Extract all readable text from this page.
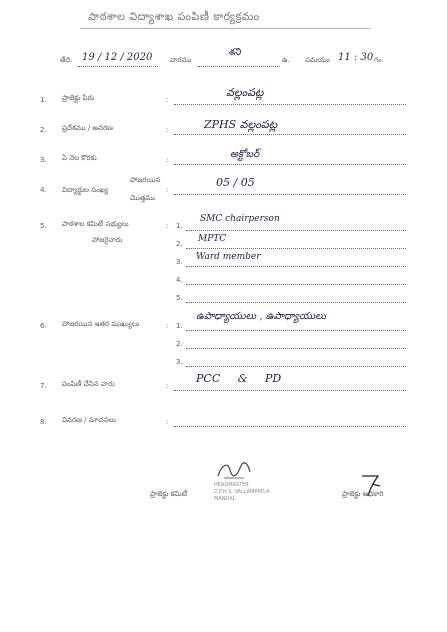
పాఠశాల విద్యాశాఖ పంపిణీ కార్యక్రమం
తేది. 19 / 12 / 2020	వారము
శని
ఉ. సమయం 11 : 30 గం
1. ప్రాజెక్టు పేరు	:
వల్లంపట్ల
2. ప్రదేశము / అవరణ	:	ZPHS వల్లంపట్ల
3. ఏ నెల కొరకు	:	అక్టోబర్
4. విద్యార్థుల సంఖ్య
హాజరయిన
మొత్తము
:
05 / 05
5. పాఠశాల కమిటీ సభ్యులు
హాజరైనారు
: 1.
SMC chairperson
2. MPTC
3. Ward member
4.
5.
6. హాజరయిన ఇతర ముఖ్యులు	: 1.
ఉపాధ్యాయులు , ఉపాధ్యాయులు
2.
3.
7. పంపిణీ చేసిన వారు	:
PCC & PD
8. వివరణ / సూచనలు	:
HEADMASTER
Z.P.H.S. VALLAMPATLA
MANDAL
ప్రాజెక్టు కమిటీ	ప్రాజెక్టు అధికారి
